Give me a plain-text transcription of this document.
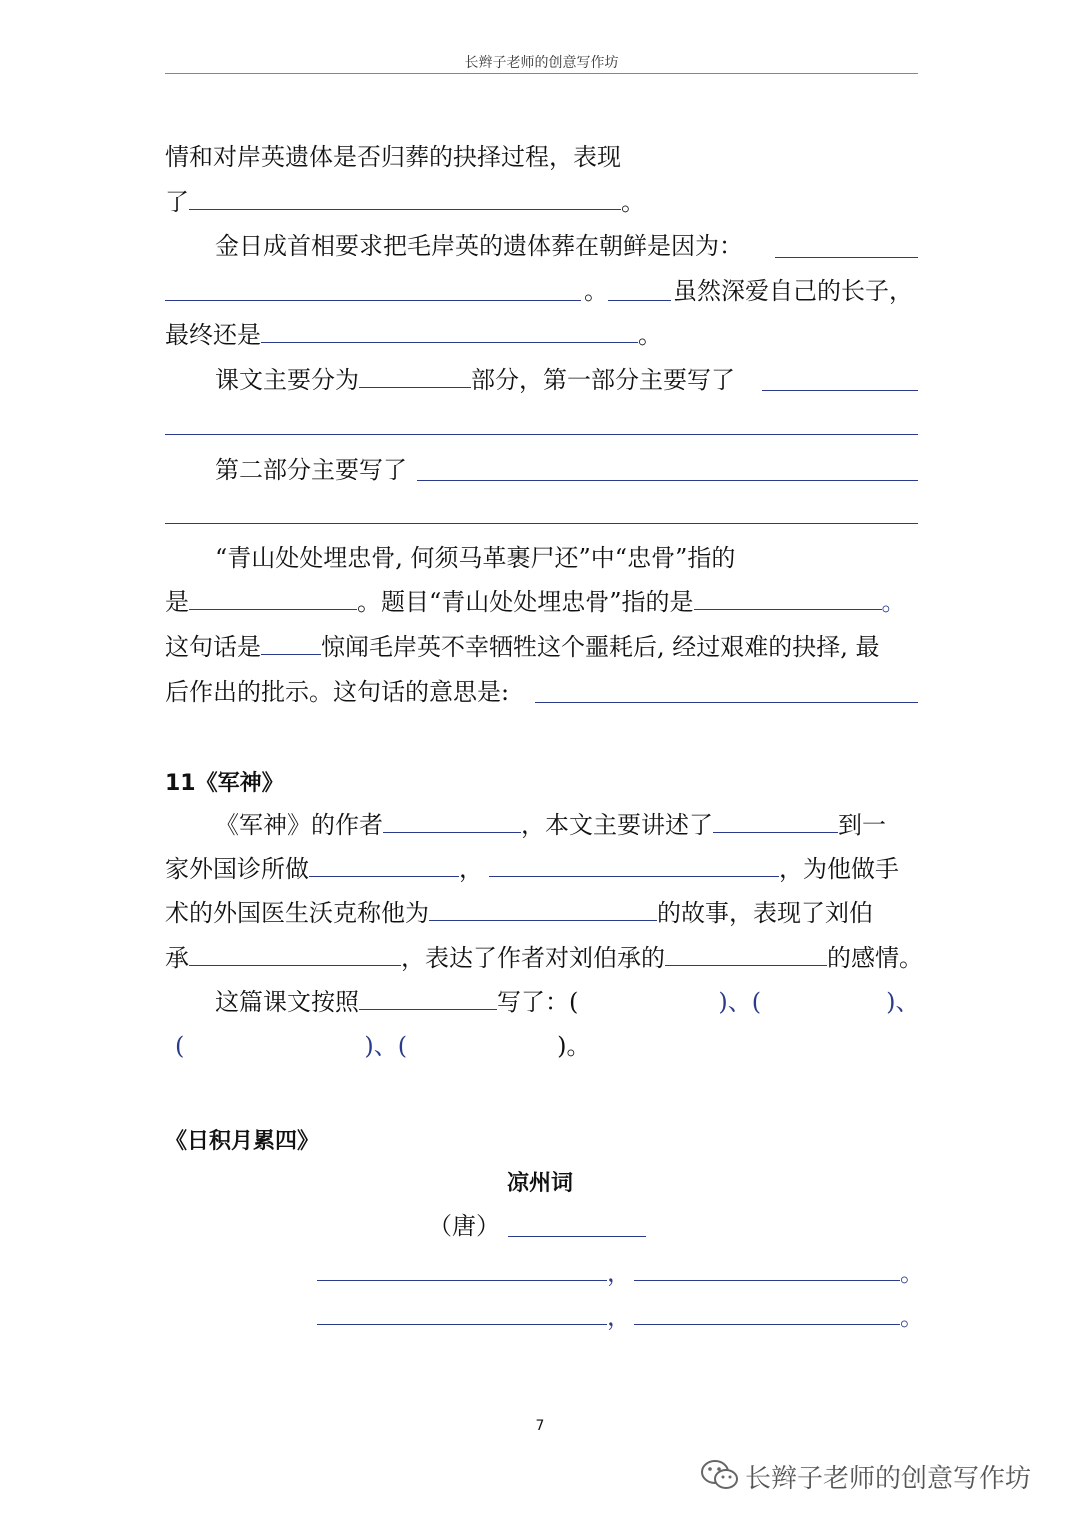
长辫子老师的创意写作坊
情和对岸英遗体是否归葬的抉择过程，表现
了	。
金日成首相要求把毛岸英的遗体葬在朝鲜是因为：
。	虽然深爱自己的长子，
最终还是	。
课文主要分为	部分，第一部分主要写了
第二部分主要写了
“青山处处埋忠骨, 何须马革裹尸还”中“忠骨”指的
是	。题目“青山处处埋忠骨”指的是	。
这句话是	惊闻毛岸英不幸牺牲这个噩耗后, 经过艰难的抉择, 最
后作出的批示。这句话的意思是:
11《军神》
《军神》的作者	，本文主要讲述了	到一
家外国诊所做	，	，为他做手
术的外国医生沃克称他为	的故事，表现了刘伯
承	，表达了作者对刘伯承的	的感情。
这篇课文按照	写了：(	)、(	)、
(	)、(	)。
《日积月累四》
凉州词
（唐）
，	。
，	。
7
长辫子老师的创意写作坊
